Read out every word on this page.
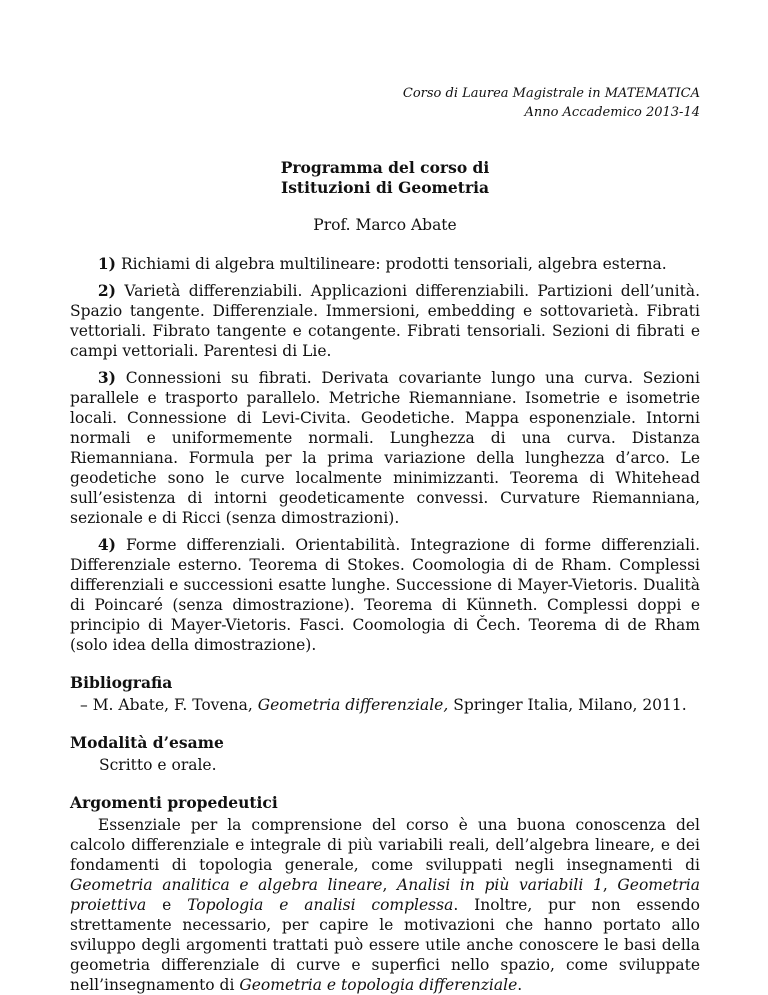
Corso di Laurea Magistrale in MATEMATICA
Anno Accademico 2013-14
Programma del corso di
Istituzioni di Geometria
Prof. Marco Abate

1) Richiami di algebra multilineare: prodotti tensoriali, algebra esterna.

2) Varietà differenziabili. Applicazioni differenziabili. Partizioni dell’unità. Spazio tangente. Differenziale. Immersioni, embedding e sottovarietà. Fibrati vettoriali. Fibrato tangente e cotangente. Fibrati tensoriali. Sezioni di fibrati e campi vettoriali. Parentesi di Lie.

3) Connessioni su fibrati. Derivata covariante lungo una curva. Sezioni parallele e trasporto parallelo. Metriche Riemanniane. Isometrie e isometrie locali. Connessione di Levi-Civita. Geodetiche. Mappa esponenziale. Intorni normali e uniformemente normali. Lunghezza di una curva. Distanza Riemanniana. Formula per la prima variazione della lunghezza d’arco. Le geodetiche sono le curve localmente minimizzanti. Teorema di Whitehead sull’esistenza di intorni geodeticamente convessi. Curvature Riemanniana, sezionale e di Ricci (senza dimostrazioni).

4) Forme differenziali. Orientabilità. Integrazione di forme differenziali. Differenziale esterno. Teorema di Stokes. Coomologia di de Rham. Complessi differenziali e successioni esatte lunghe. Successione di Mayer-Vietoris. Dualità di Poincaré (senza dimostrazione). Teorema di Künneth. Complessi doppi e principio di Mayer-Vietoris. Fasci. Coomologia di Čech. Teorema di de Rham (solo idea della dimostrazione).

Bibliografia
– M. Abate, F. Tovena, Geometria differenziale, Springer Italia, Milano, 2011.
Modalità d’esame
Scritto e orale.
Argomenti propedeutici

Essenziale per la comprensione del corso è una buona conoscenza del calcolo differenziale e integrale di più variabili reali, dell’algebra lineare, e dei fondamenti di topologia generale, come sviluppati negli insegnamenti di Geometria analitica e algebra lineare, Analisi in più variabili 1, Geometria proiettiva e Topologia e analisi complessa. Inoltre, pur non essendo strettamente necessario, per capire le motivazioni che hanno portato allo sviluppo degli argomenti trattati può essere utile anche conoscere le basi della geometria differenziale di curve e superfici nello spazio, come sviluppate nell’insegnamento di Geometria e topologia differenziale.
